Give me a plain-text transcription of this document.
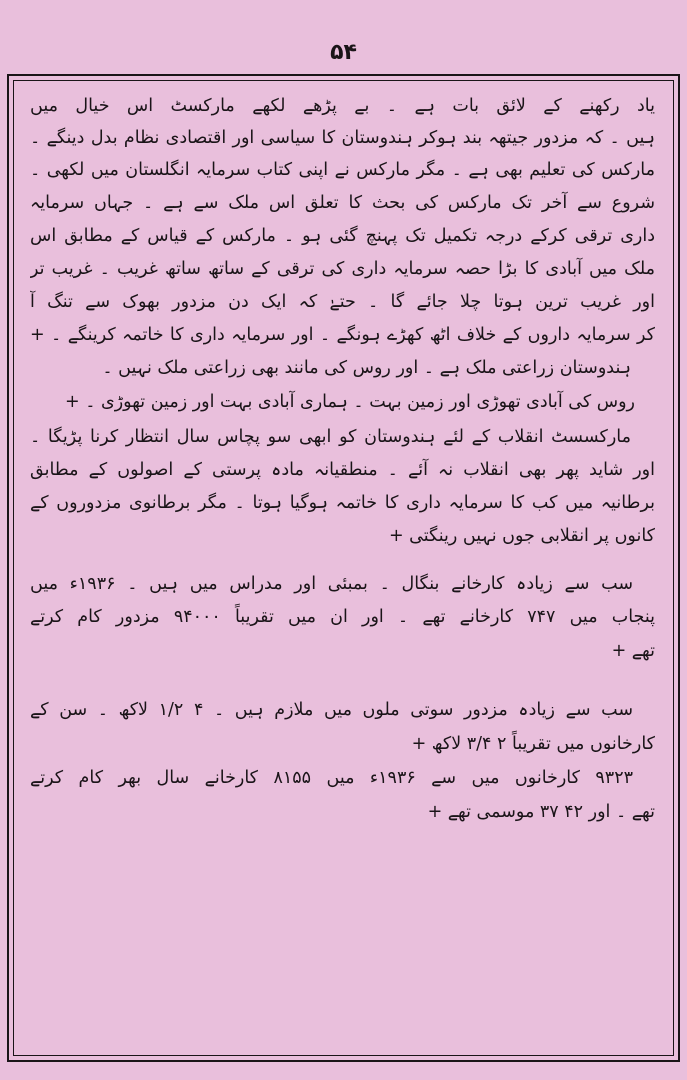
۵۴
یاد رکھنے کے لائق بات ہے ۔ بے پڑھے لکھے مارکسٹ اس خیال میں
ہیں ۔ کہ مزدور جیتھہ بند ہوکر ہندوستان کا سیاسی اور اقتصادی نظام بدل دینگے ۔
مارکس کی تعلیم بھی ہے ۔ مگر مارکس نے اپنی کتاب سرمایہ انگلستان میں لکھی ۔
شروع سے آخر تک مارکس کی بحث کا تعلق اس ملک سے ہے ۔ جہاں سرمایہ
داری ترقی کرکے درجہ تکمیل تک پہنچ گئی ہو ۔ مارکس کے قیاس کے مطابق اس
ملک میں آبادی کا بڑا حصہ سرمایہ داری کی ترقی کے ساتھ ساتھ غریب ۔ غریب تر
اور غریب ترین ہوتا چلا جائے گا ۔ حتےٰ کہ ایک دن مزدور بھوک سے تنگ آ
کر سرمایہ داروں کے خلاف اٹھ کھڑے ہونگے ۔ اور سرمایہ داری کا خاتمہ کرینگے ۔ +
ہندوستان زراعتی ملک ہے ۔ اور روس کی مانند بھی زراعتی ملک نہیں ۔
روس کی آبادی تھوڑی اور زمین بہت ۔ ہماری آبادی بہت اور زمین تھوڑی ۔ +
مارکسسٹ انقلاب کے لئے ہندوستان کو ابھی سو پچاس سال انتظار کرنا پڑیگا ۔
اور شاید پھر بھی انقلاب نہ آئے ۔ منطقیانہ مادہ پرستی کے اصولوں کے مطابق
برطانیہ میں کب کا سرمایہ داری کا خاتمہ ہوگیا ہوتا ۔ مگر برطانوی مزدوروں کے
کانوں پر انقلابی جوں نہیں رینگتی +
سب سے زیادہ کارخانے بنگال ۔ بمبئی اور مدراس میں ہیں ۔ ۱۹۳۶ء میں
پنجاب میں ۷۴۷ کارخانے تھے ۔ اور ان میں تقریباً ۹۴۰۰۰ مزدور کام کرتے
تھے +
سب سے زیادہ مزدور سوتی ملوں میں ملازم ہیں ۔ ۴ ۱/۲ لاکھ ۔ سن کے
کارخانوں میں تقریباً ۲ ۳/۴ لاکھ +
۹۳۲۳ کارخانوں میں سے ۱۹۳۶ء میں ۸۱۵۵ کارخانے سال بھر کام کرتے
تھے ۔ اور ۴۲ ۳۷ موسمی تھے +
